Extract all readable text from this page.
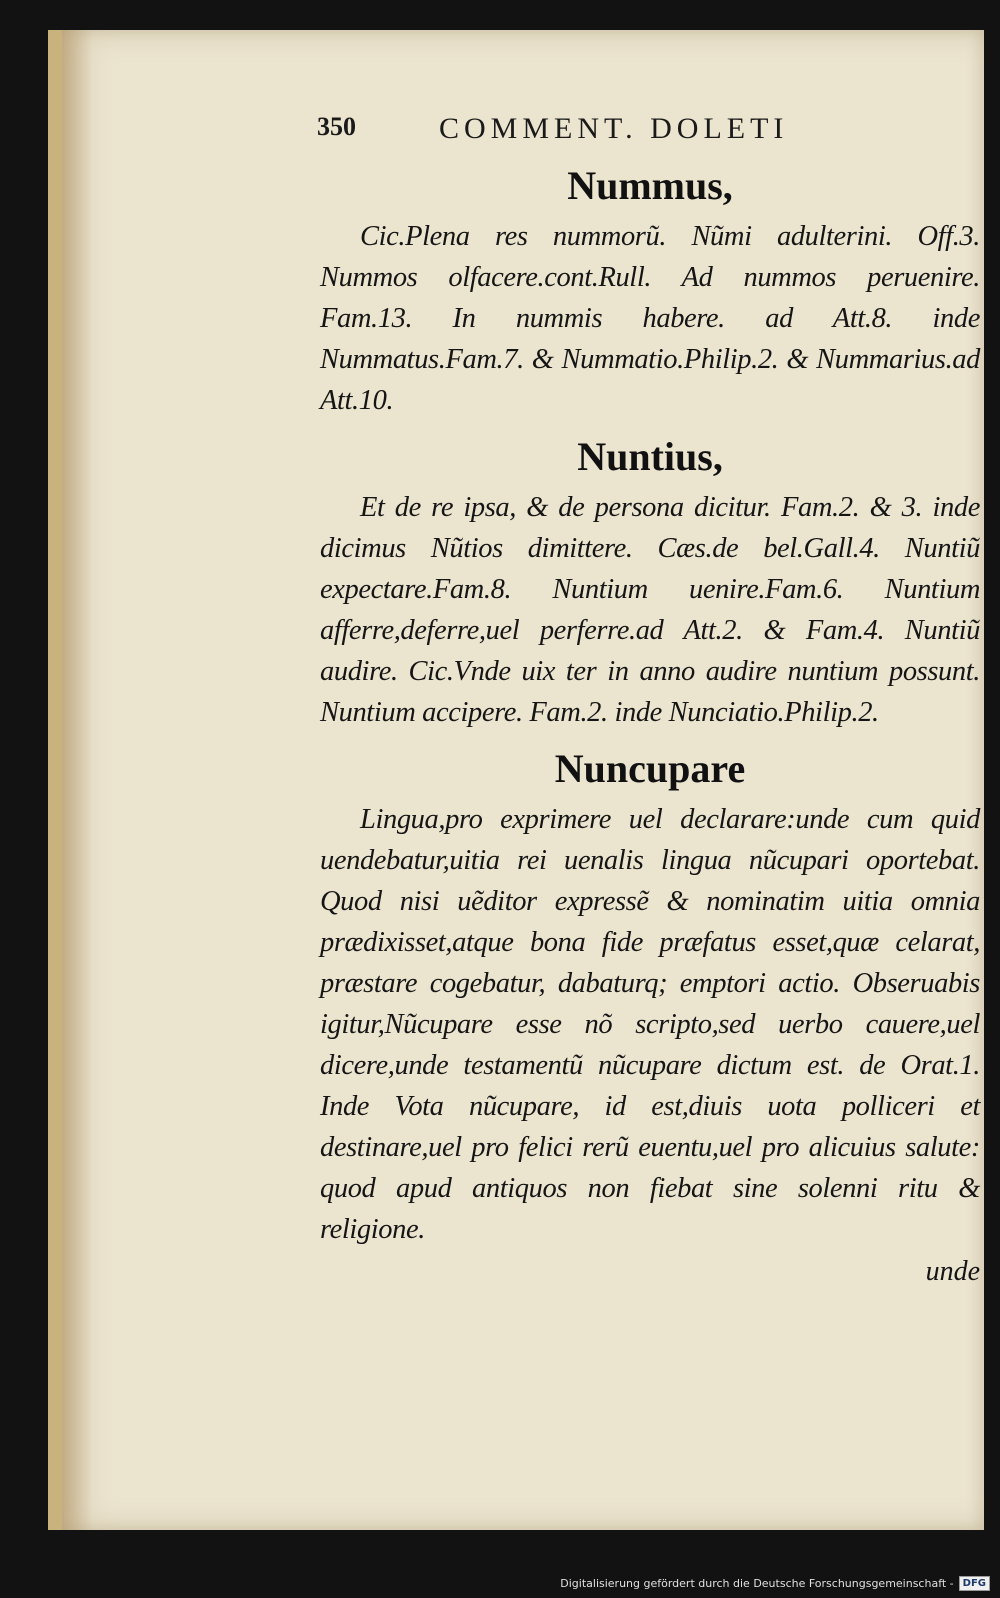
350	COMMENT. DOLETI
Nummus,

Cic.Plena res nummorũ. Nũmi adulterini. Off.3. Nummos olfacere.cont.Rull. Ad nummos peruenire. Fam.13. In nummis habere. ad Att.8. inde Nummatus.Fam.7. & Nummatio.Philip.2. & Nummarius.ad Att.10.

Nuntius,

Et de re ipsa, & de persona dicitur. Fam.2. & 3. inde dicimus Nũtios dimittere. Cæs.de bel.Gall.4. Nuntiũ expectare.Fam.8. Nuntium uenire.Fam.6. Nuntium afferre,deferre,uel perferre.ad Att.2. & Fam.4. Nuntiũ audire. Cic.Vnde uix ter in anno audire nuntium possunt. Nuntium accipere. Fam.2. inde Nunciatio.Philip.2.

Nuncupare

Lingua,pro exprimere uel declarare:unde cum quid uendebatur,uitia rei uenalis lingua nũcupari oportebat. Quod nisi uẽditor expressẽ & nominatim uitia omnia prædixisset,atque bona fide præfatus esset,quæ celarat, præstare cogebatur, dabaturq; emptori actio. Obseruabis igitur,Nũcupare esse nõ scripto,sed uerbo cauere,uel dicere,unde testamentũ nũcupare dictum est. de Orat.1. Inde Vota nũcupare, id est,diuis uota polliceri et destinare,uel pro felici rerũ euentu,uel pro alicuius salute: quod apud antiquos non fiebat sine solenni ritu & religione.

unde
Digitalisierung gefördert durch die Deutsche Forschungsgemeinschaft - DFG
